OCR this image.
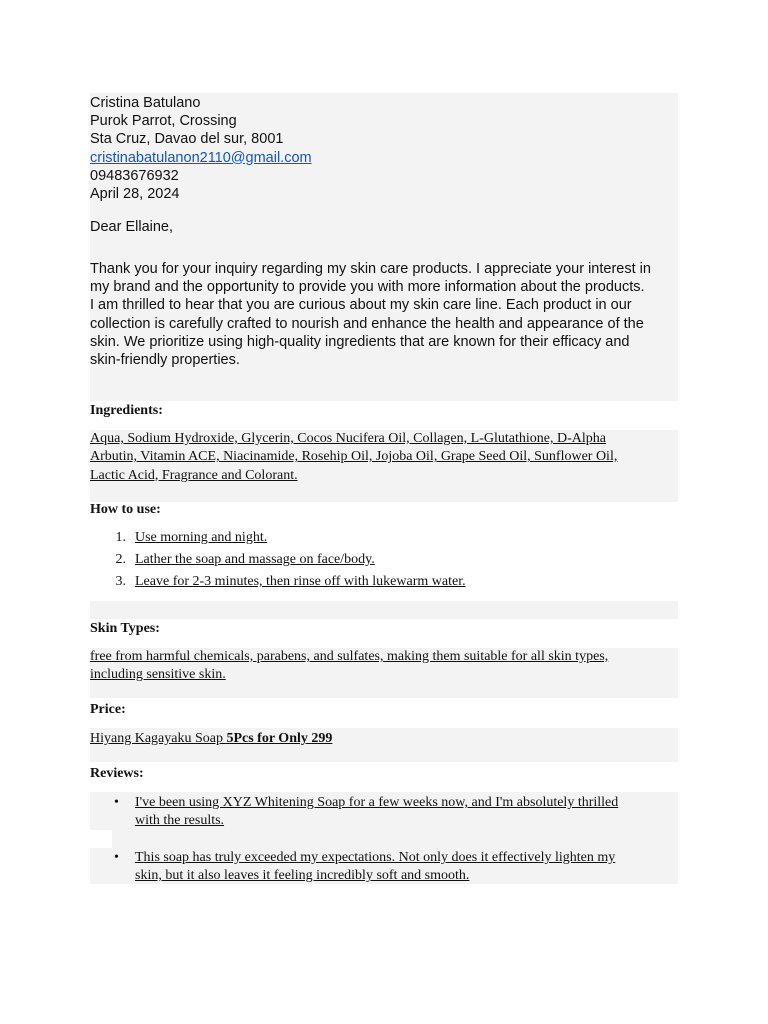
Cristina Batulano
Purok Parrot, Crossing
Sta Cruz, Davao del sur, 8001
cristinabatulanon2110@gmail.com
09483676932
April 28, 2024
Dear Ellaine,
Thank you for your inquiry regarding my skin care products. I appreciate your interest in
my brand and the opportunity to provide you with more information about the products.
I am thrilled to hear that you are curious about my skin care line. Each product in our
collection is carefully crafted to nourish and enhance the health and appearance of the
skin. We prioritize using high-quality ingredients that are known for their efficacy and
skin-friendly properties.
Ingredients:
Aqua, Sodium Hydroxide, Glycerin, Cocos Nucifera Oil, Collagen, L-Glutathione, D-Alpha
Arbutin, Vitamin ACE, Niacinamide, Rosehip Oil, Jojoba Oil, Grape Seed Oil, Sunflower Oil,
Lactic Acid, Fragrance and Colorant.
How to use:
1. Use morning and night.
2. Lather the soap and massage on face/body.
3. Leave for 2-3 minutes, then rinse off with lukewarm water.
Skin Types:
free from harmful chemicals, parabens, and sulfates, making them suitable for all skin types,
including sensitive skin.
Price:
Hiyang Kagayaku Soap 5Pcs for Only 299
Reviews:
• I've been using XYZ Whitening Soap for a few weeks now, and I'm absolutely thrilled
with the results.
• This soap has truly exceeded my expectations. Not only does it effectively lighten my
skin, but it also leaves it feeling incredibly soft and smooth.
